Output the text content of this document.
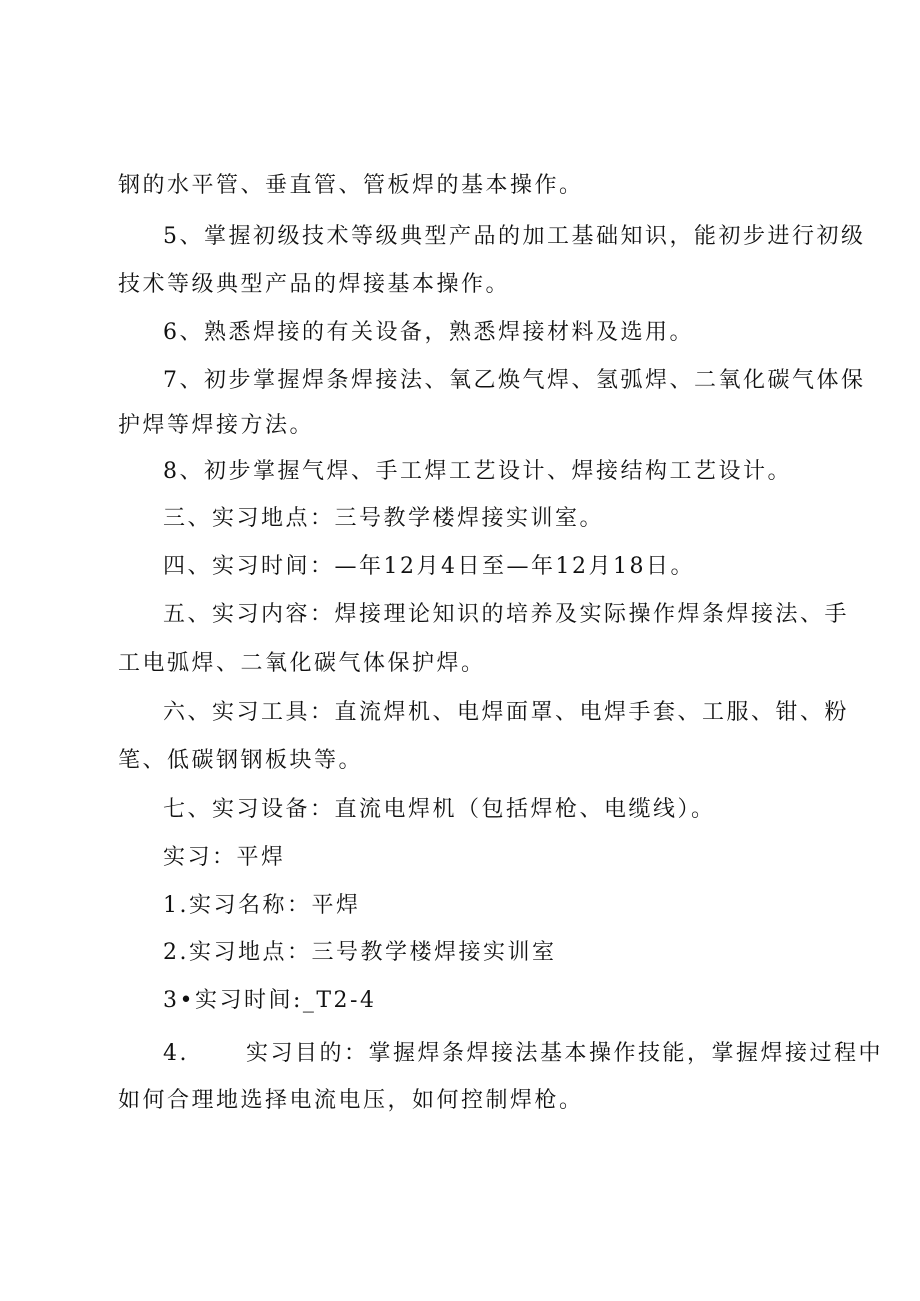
钢的水平管、垂直管、管板焊的基本操作。
5、掌握初级技术等级典型产品的加工基础知识，能初步进行初级
技术等级典型产品的焊接基本操作。
6、熟悉焊接的有关设备，熟悉焊接材料及选用。
7、初步掌握焊条焊接法、氧乙焕气焊、氢弧焊、二氧化碳气体保
护焊等焊接方法。
8、初步掌握气焊、手工焊工艺设计、焊接结构工艺设计。
三、实习地点：三号教学楼焊接实训室。
四、实习时间：—年12月4日至—年12月18日。
五、实习内容：焊接理论知识的培养及实际操作焊条焊接法、手
工电弧焊、二氧化碳气体保护焊。
六、实习工具：直流焊机、电焊面罩、电焊手套、工服、钳、粉
笔、低碳钢钢板块等。
七、实习设备：直流电焊机（包括焊枪、电缆线）。
实习：平焊
1.实习名称：平焊
2.实习地点：三号教学楼焊接实训室
3•实习时间:_T2-4
4.      实习目的：掌握焊条焊接法基本操作技能，掌握焊接过程中
如何合理地选择电流电压，如何控制焊枪。
